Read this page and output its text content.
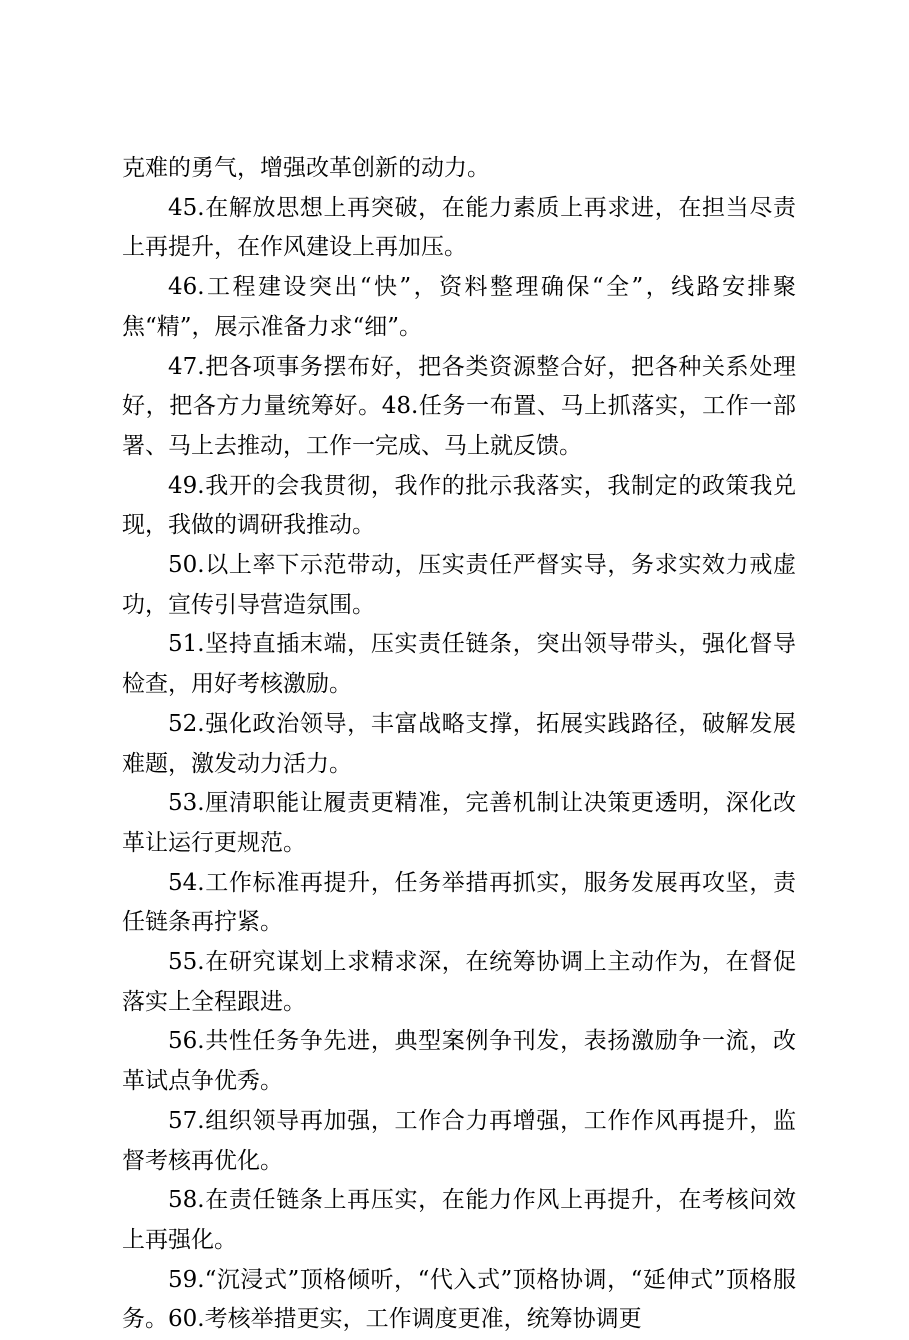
克难的勇气，增强改革创新的动力。

45.在解放思想上再突破，在能力素质上再求进，在担当尽责上再提升，在作风建设上再加压。

46.工程建设突出“快”，资料整理确保“全”，线路安排聚焦“精”，展示准备力求“细”。

47.把各项事务摆布好，把各类资源整合好，把各种关系处理好，把各方力量统筹好。48.任务一布置、马上抓落实，工作一部署、马上去推动，工作一完成、马上就反馈。

49.我开的会我贯彻，我作的批示我落实，我制定的政策我兑现，我做的调研我推动。

50.以上率下示范带动，压实责任严督实导，务求实效力戒虚功，宣传引导营造氛围。

51.坚持直插末端，压实责任链条，突出领导带头，强化督导检查，用好考核激励。

52.强化政治领导，丰富战略支撑，拓展实践路径，破解发展难题，激发动力活力。

53.厘清职能让履责更精准，完善机制让决策更透明，深化改革让运行更规范。

54.工作标准再提升，任务举措再抓实，服务发展再攻坚，责任链条再拧紧。

55.在研究谋划上求精求深，在统筹协调上主动作为，在督促落实上全程跟进。

56.共性任务争先进，典型案例争刊发，表扬激励争一流，改革试点争优秀。

57.组织领导再加强，工作合力再增强，工作作风再提升，监督考核再优化。

58.在责任链条上再压实，在能力作风上再提升，在考核问效上再强化。

59.“沉浸式”顶格倾听，“代入式”顶格协调，“延伸式”顶格服务。60.考核举措更实，工作调度更准，统筹协调更
